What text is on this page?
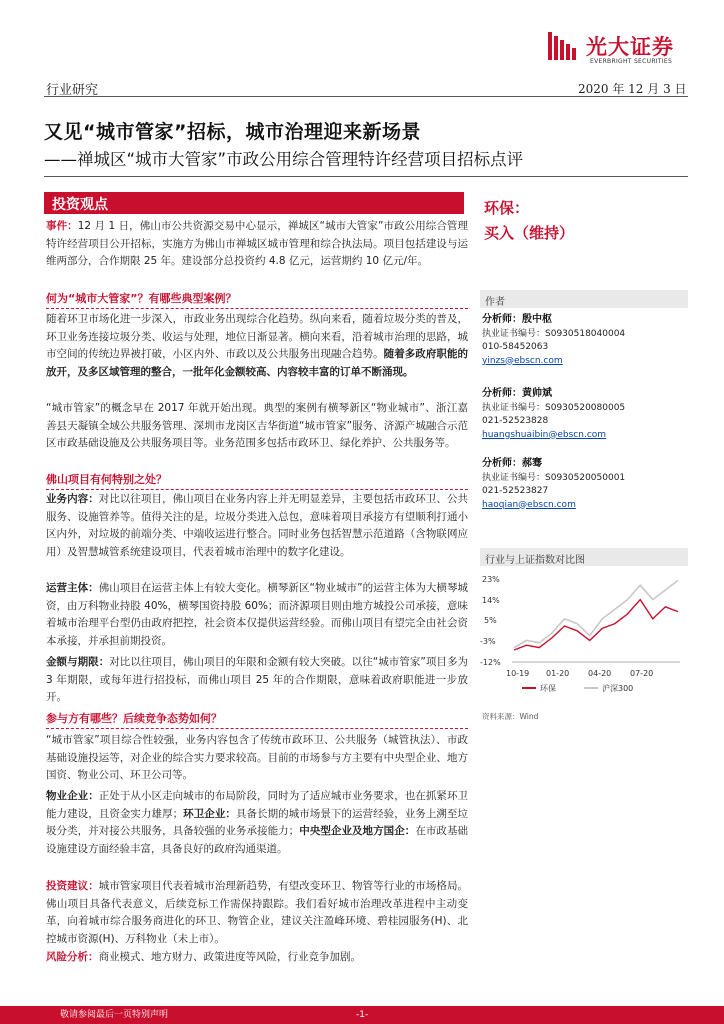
光大证券
EVERBRIGHT SECURITIES
行业研究	2020 年 12 月 3 日
又见“城市管家”招标，城市治理迎来新场景
——禅城区“城市大管家”市政公用综合管理特许经营项目招标点评
投资观点
事件：12 月 1 日，佛山市公共资源交易中心显示，禅城区“城市大管家”市政公用综合管理特许经营项目公开招标，实施方为佛山市禅城区城市管理和综合执法局。项目包括建设与运维两部分，合作期限 25 年。建设部分总投资约 4.8 亿元，运营期约 10 亿元/年。
何为“城市大管家”？有哪些典型案例？
随着环卫市场化进一步深入，市政业务出现综合化趋势。纵向来看，随着垃圾分类的普及，环卫业务连接垃圾分类、收运与处理，地位日渐显著。横向来看，沿着城市治理的思路，城市空间的传统边界被打破，小区内外、市政以及公共服务出现融合趋势。随着多政府职能的放开，及多区域管理的整合，一批年化金额较高、内容较丰富的订单不断涌现。
“城市管家”的概念早在 2017 年就开始出现。典型的案例有横琴新区“物业城市”、浙江嘉善县天凝镇全域公共服务管理、深圳市龙岗区吉华街道“城市管家”服务、济源产城融合示范区市政基础设施及公共服务项目等。业务范围多包括市政环卫、绿化养护、公共服务等。
佛山项目有何特别之处？
业务内容：对比以往项目，佛山项目在业务内容上并无明显差异，主要包括市政环卫、公共服务、设施管养等。值得关注的是，垃圾分类进入总包，意味着项目承接方有望顺利打通小区内外，对垃圾的前端分类、中端收运进行整合。同时业务包括智慧示范道路（含物联网应用）及智慧城管系统建设项目，代表着城市治理中的数字化建设。
运营主体：佛山项目在运营主体上有较大变化。横琴新区“物业城市”的运营主体为大横琴城资，由万科物业持股 40%，横琴国资持股 60%；而济源项目则由地方城投公司承接，意味着城市治理平台型仍由政府把控，社会资本仅提供运营经验。而佛山项目有望完全由社会资本承接，并承担前期投资。
金额与期限：对比以往项目，佛山项目的年限和金额有较大突破。以往“城市管家”项目多为 3 年期限，或每年进行招投标，而佛山项目 25 年的合作期限，意味着政府职能进一步放开。
参与方有哪些？后续竞争态势如何？
“城市管家”项目综合性较强，业务内容包含了传统市政环卫、公共服务（城管执法）、市政基础设施投运等，对企业的综合实力要求较高。目前的市场参与方主要有中央型企业、地方国资、物业公司、环卫公司等。
物业企业：正处于从小区走向城市的布局阶段，同时为了适应城市业务要求，也在抓紧环卫能力建设，且资金实力雄厚；环卫企业：具备长期的城市场景下的运营经验，业务上溯至垃圾分类，并对接公共服务，具备较强的业务承接能力；中央型企业及地方国企：在市政基础设施建设方面经验丰富，具备良好的政府沟通渠道。
投资建议：城市管家项目代表着城市治理新趋势，有望改变环卫、物管等行业的市场格局。佛山项目具备代表意义，后续竞标工作需保持跟踪。我们看好城市治理改革进程中主动变革，向着城市综合服务商进化的环卫、物管企业，建议关注盈峰环境、碧桂园服务(H)、北控城市资源(H)、万科物业（未上市）。
风险分析：商业模式、地方财力、政策进度等风险，行业竞争加剧。
环保：
买入（维持）
作者
分析师：殷中枢
执业证书编号：S0930518040004
010-58452063
yinzs@ebscn.com
分析师：黄帅斌
执业证书编号：S0930520080005
021-52523828
huangshuaibin@ebscn.com
分析师：郝骞
执业证书编号：S0930520050001
021-52523827
haoqian@ebscn.com
行业与上证指数对比图
23%
14%
5%
-3%
-12%
10-19 01-20 04-20 07-20
环保	沪深300
资料来源：Wind
敬请参阅最后一页特别声明	-1-
